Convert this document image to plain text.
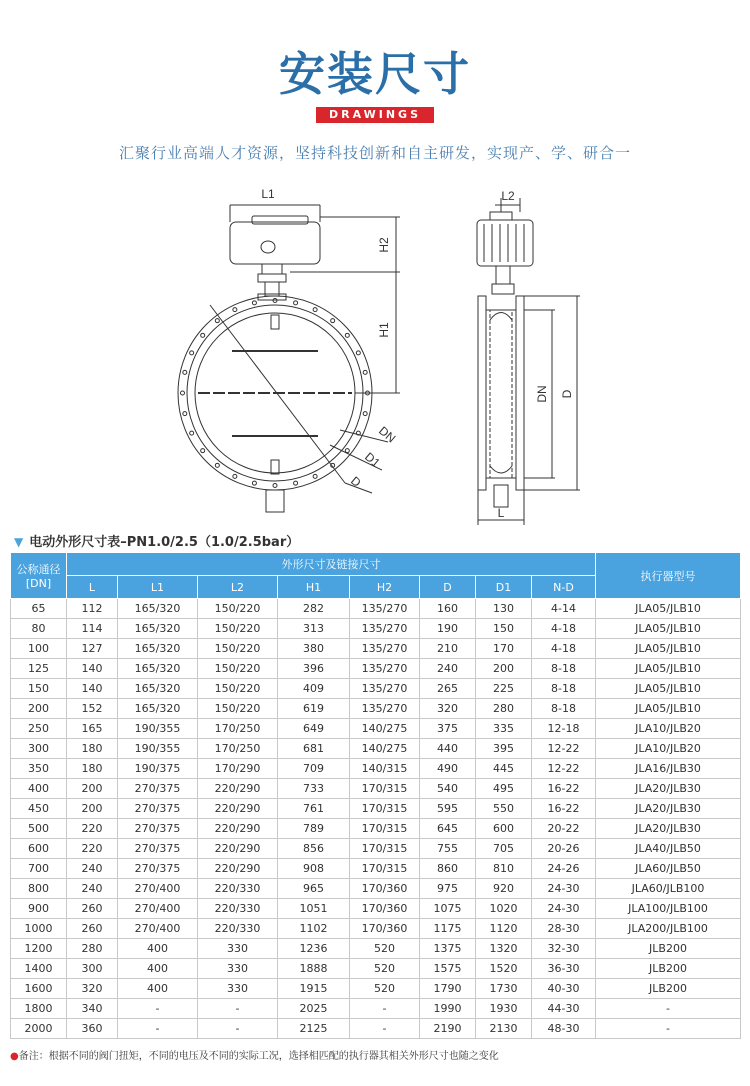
安装尺寸
DRAWINGS
汇聚行业高端人才资源，坚持科技创新和自主研发，实现产、学、研合一
L1
H2
H1
DN
D1
D
L2
DN D
L
▼ 电动外形尺寸表–PN1.0/2.5（1.0/2.5bar）
公称通径 [DN]	外形尺寸及链接尺寸								执行器型号
	L	L1	L2	H1	H2	D	D1	N-D	
65	112	165/320	150/220	282	135/270	160	130	4-14	JLA05/JLB10
80	114	165/320	150/220	313	135/270	190	150	4-18	JLA05/JLB10
100	127	165/320	150/220	380	135/270	210	170	4-18	JLA05/JLB10
125	140	165/320	150/220	396	135/270	240	200	8-18	JLA05/JLB10
150	140	165/320	150/220	409	135/270	265	225	8-18	JLA05/JLB10
200	152	165/320	150/220	619	135/270	320	280	8-18	JLA05/JLB10
250	165	190/355	170/250	649	140/275	375	335	12-18	JLA10/JLB20
300	180	190/355	170/250	681	140/275	440	395	12-22	JLA10/JLB20
350	180	190/375	170/290	709	140/315	490	445	12-22	JLA16/JLB30
400	200	270/375	220/290	733	170/315	540	495	16-22	JLA20/JLB30
450	200	270/375	220/290	761	170/315	595	550	16-22	JLA20/JLB30
500	220	270/375	220/290	789	170/315	645	600	20-22	JLA20/JLB30
600	220	270/375	220/290	856	170/315	755	705	20-26	JLA40/JLB50
700	240	270/375	220/290	908	170/315	860	810	24-26	JLA60/JLB50
800	240	270/400	220/330	965	170/360	975	920	24-30	JLA60/JLB100
900	260	270/400	220/330	1051	170/360	1075	1020	24-30	JLA100/JLB100
1000	260	270/400	220/330	1102	170/360	1175	1120	28-30	JLA200/JLB100
1200	280	400	330	1236	520	1375	1320	32-30	JLB200
1400	300	400	330	1888	520	1575	1520	36-30	JLB200
1600	320	400	330	1915	520	1790	1730	40-30	JLB200
1800	340	-	-	2025	-	1990	1930	44-30	-
2000	360	-	-	2125	-	2190	2130	48-30	-
●备注：根据不同的阀门扭矩，不同的电压及不同的实际工况，选择相匹配的执行器其相关外形尺寸也随之变化
